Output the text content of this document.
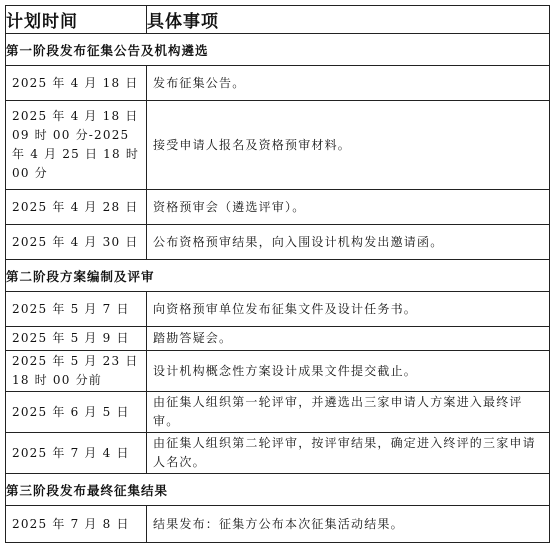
计划时间	具体事项
第一阶段发布征集公告及机构遴选	
2025 年 4 月 18 日	发布征集公告。
2025 年 4 月 18 日 09 时 00 分-2025 年 4 月 25 日 18 时 00 分	接受申请人报名及资格预审材料。
2025 年 4 月 28 日	资格预审会（遴选评审）。
2025 年 4 月 30 日	公布资格预审结果，向入围设计机构发出邀请函。
第二阶段方案编制及评审	
2025 年 5 月 7 日	向资格预审单位发布征集文件及设计任务书。
2025 年 5 月 9 日	踏勘答疑会。
2025 年 5 月 23 日 18 时 00 分前	设计机构概念性方案设计成果文件提交截止。
2025 年 6 月 5 日	由征集人组织第一轮评审，并遴选出三家申请人方案进入最终评审。
2025 年 7 月 4 日	由征集人组织第二轮评审，按评审结果，确定进入终评的三家申请人名次。
第三阶段发布最终征集结果	
2025 年 7 月 8 日	结果发布：征集方公布本次征集活动结果。
